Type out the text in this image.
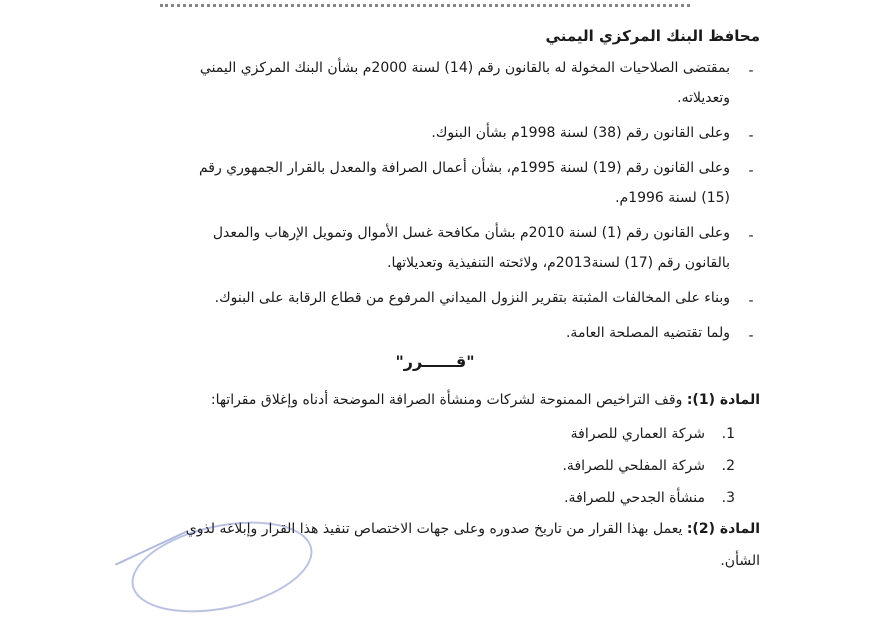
محافظ البنك المركزي اليمني
-
بمقتضى الصلاحيات المخولة له بالقانون رقم (14) لسنة 2000م بشأن البنك المركزي اليمني
وتعديلاته.
-
وعلى القانون رقم (38) لسنة 1998م بشأن البنوك.
-
وعلى القانون رقم (19) لسنة 1995م، بشأن أعمال الصرافة والمعدل بالقرار الجمهوري رقم
(15) لسنة 1996م.
-
وعلى القانون رقم (1) لسنة 2010م بشأن مكافحة غسل الأموال وتمويل الإرهاب والمعدل
بالقانون رقم (17) لسنة2013م، ولائحته التنفيذية وتعديلاتها.
-
وبناء على المخالفات المثبتة بتقرير النزول الميداني المرفوع من قطاع الرقابة على البنوك.
-
ولما تقتضيه المصلحة العامة.
"قــــــرر"
المادة (1): وقف التراخيص الممنوحة لشركات ومنشأة الصرافة الموضحة أدناه وإغلاق مقراتها:
1.
شركة العماري للصرافة
2.
شركة المفلحي للصرافة.
3.
منشأة الجدحي للصرافة.
المادة (2): يعمل بهذا القرار من تاريخ صدوره وعلى جهات الاختصاص تنفيذ هذا القرار وإبلاغه لذوي
الشأن.
